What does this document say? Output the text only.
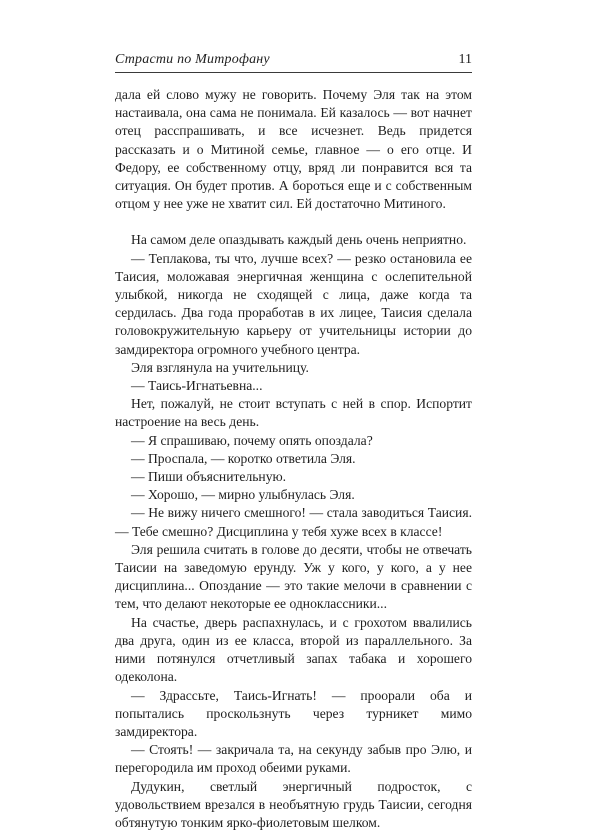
Страсти по Митрофану	11

дала ей слово мужу не говорить. Почему Эля так на этом настаивала, она сама не понимала. Ей казалось — вот начнет отец расспрашивать, и все исчезнет. Ведь придется рассказать и о Митиной семье, главное — о его отце. И Федору, ее собственному отцу, вряд ли понравится вся та ситуация. Он будет против. А бороться еще и с собственным отцом у нее уже не хватит сил. Ей достаточно Митиного.

На самом деле опаздывать каждый день очень неприятно.

— Теплакова, ты что, лучше всех? — резко остановила ее Таисия, моложавая энергичная женщина с ослепительной улыбкой, никогда не сходящей с лица, даже когда та сердилась. Два года проработав в их лицее, Таисия сделала головокружительную карьеру от учительницы истории до замдиректора огромного учебного центра.

Эля взглянула на учительницу.

— Таись-Игнатьевна...

Нет, пожалуй, не стоит вступать с ней в спор. Испортит настроение на весь день.

— Я спрашиваю, почему опять опоздала?

— Проспала, — коротко ответила Эля.

— Пиши объяснительную.

— Хорошо, — мирно улыбнулась Эля.

— Не вижу ничего смешного! — стала заводиться Таисия. — Тебе смешно? Дисциплина у тебя хуже всех в классе!

Эля решила считать в голове до десяти, чтобы не отвечать Таисии на заведомую ерунду. Уж у кого, у кого, а у нее дисциплина... Опоздание — это такие мелочи в сравнении с тем, что делают некоторые ее одноклассники...

На счастье, дверь распахнулась, и с грохотом ввалились два друга, один из ее класса, второй из параллельного. За ними потянулся отчетливый запах табака и хорошего одеколона.

— Здрассьте, Таись-Игнать! — проорали оба и попытались проскользнуть через турникет мимо замдиректора.

— Стоять! — закричала та, на секунду забыв про Элю, и перегородила им проход обеими руками.

Дудукин, светлый энергичный подросток, с удовольствием врезался в необъятную грудь Таисии, сегодня обтянутую тонким ярко-фиолетовым шелком.
